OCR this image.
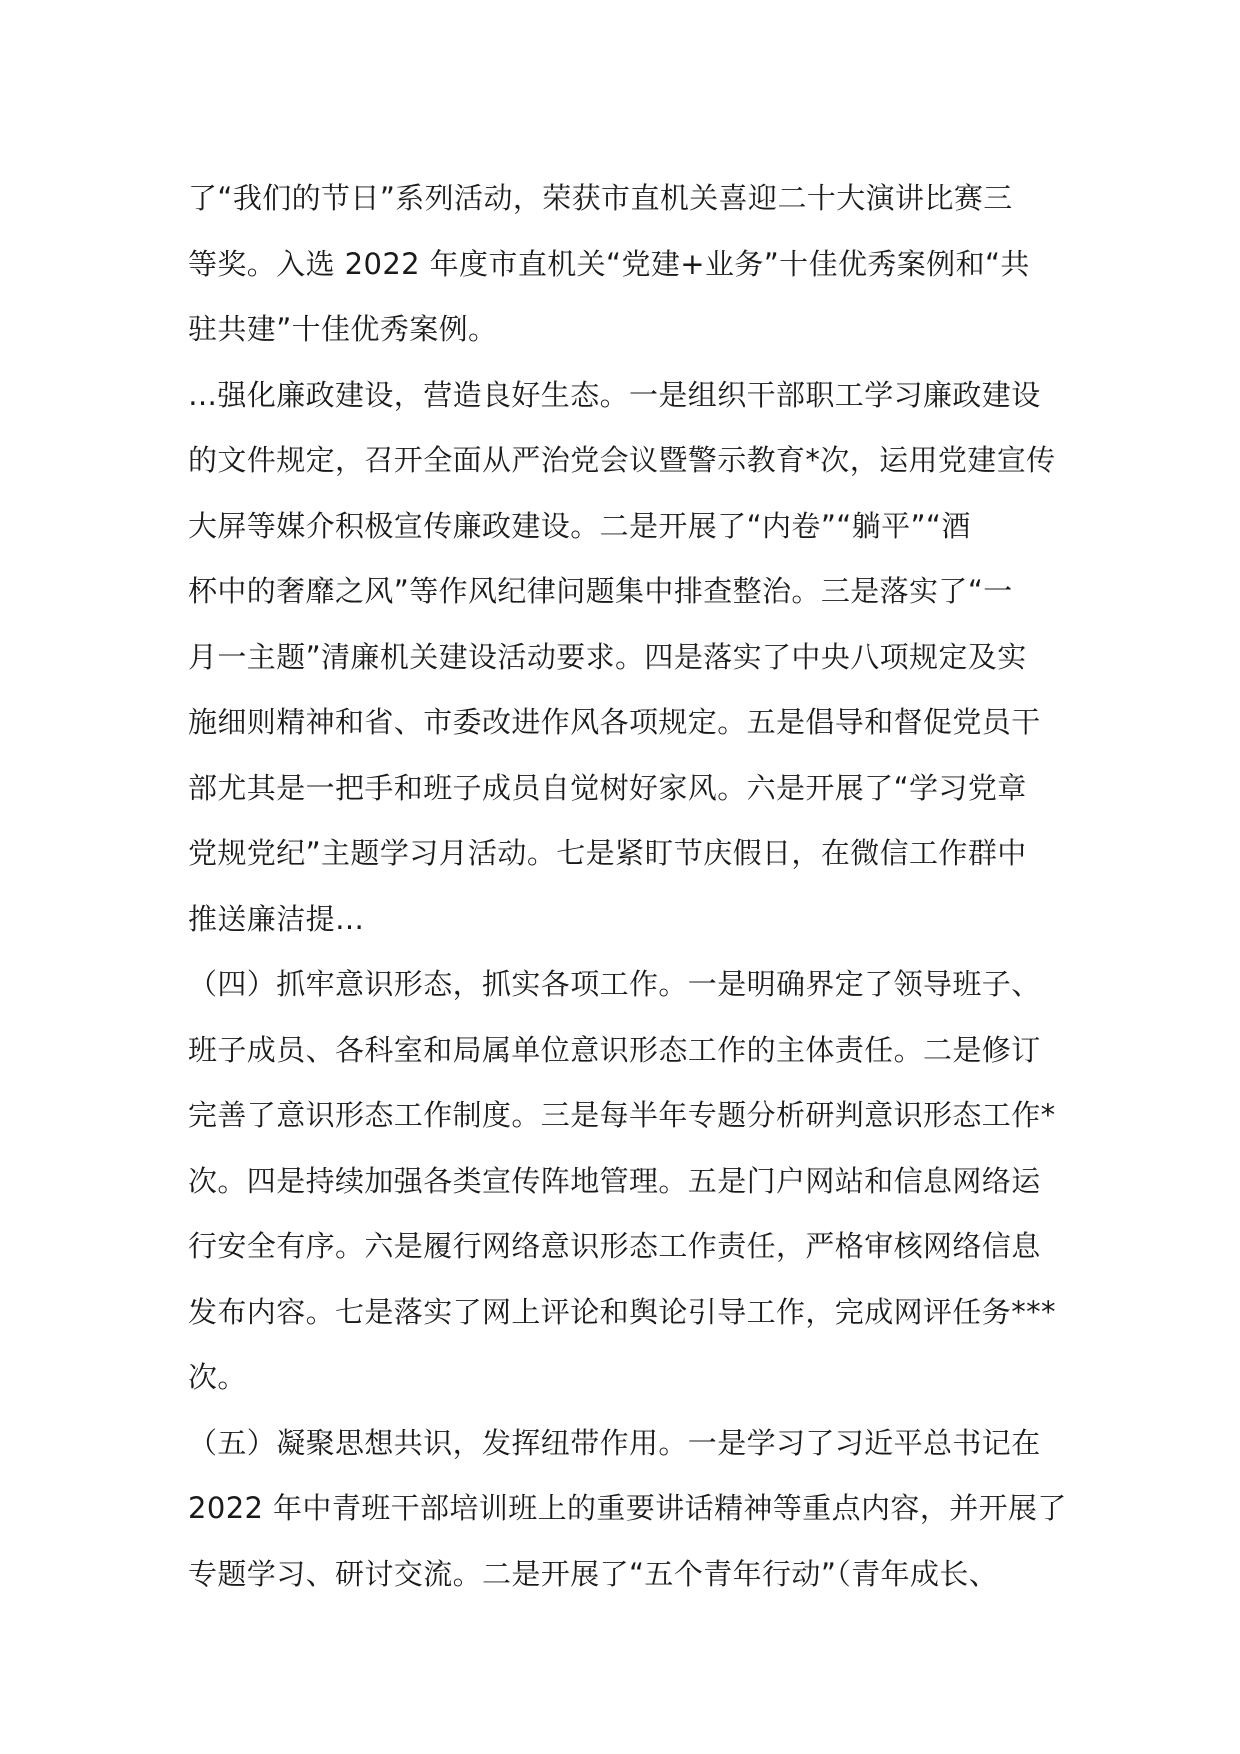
了“我们的节日”系列活动，荣获市直机关喜迎二十大演讲比赛三
等奖。入选 2022 年度市直机关“党建+业务”十佳优秀案例和“共
驻共建”十佳优秀案例。
…强化廉政建设，营造良好生态。一是组织干部职工学习廉政建设
的文件规定，召开全面从严治党会议暨警示教育*次，运用党建宣传
大屏等媒介积极宣传廉政建设。二是开展了“内卷”“躺平”“酒
杯中的奢靡之风”等作风纪律问题集中排查整治。三是落实了“一
月一主题”清廉机关建设活动要求。四是落实了中央八项规定及实
施细则精神和省、市委改进作风各项规定。五是倡导和督促党员干
部尤其是一把手和班子成员自觉树好家风。六是开展了“学习党章
党规党纪”主题学习月活动。七是紧盯节庆假日，在微信工作群中
推送廉洁提…
（四）抓牢意识形态，抓实各项工作。一是明确界定了领导班子、
班子成员、各科室和局属单位意识形态工作的主体责任。二是修订
完善了意识形态工作制度。三是每半年专题分析研判意识形态工作*
次。四是持续加强各类宣传阵地管理。五是门户网站和信息网络运
行安全有序。六是履行网络意识形态工作责任，严格审核网络信息
发布内容。七是落实了网上评论和舆论引导工作，完成网评任务***
次。
（五）凝聚思想共识，发挥纽带作用。一是学习了习近平总书记在
2022 年中青班干部培训班上的重要讲话精神等重点内容，并开展了
专题学习、研讨交流。二是开展了“五个青年行动”（青年成长、
